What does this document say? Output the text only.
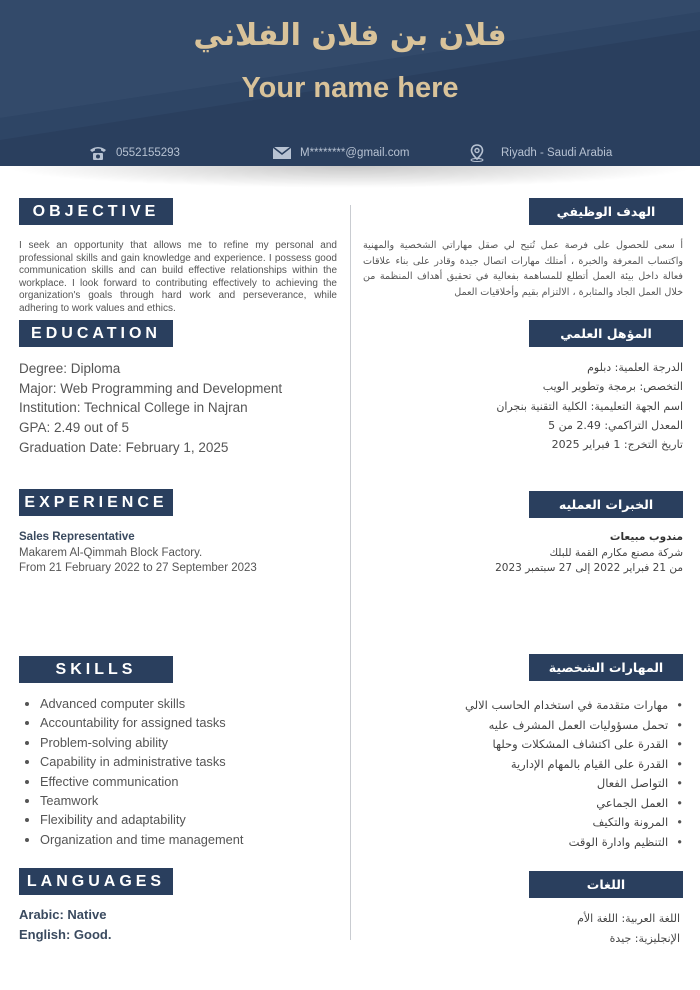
فلان بن فلان الفلاني
Your name here
0552155293	M********@gmail.com	Riyadh - Saudi Arabia
OBJECTIVE	الهدف الوظيفي

I seek an opportunity that allows me to refine my personal and professional skills and gain knowledge and experience. I possess good communication skills and can build effective relationships within the workplace. I look forward to contributing effectively to achieving the organization's goals through hard work and perseverance, while adhering to work values and ethics.

أ سعى للحصول على فرصة عمل تُتيح لي صقل مهاراتي الشخصية والمهنية واكتساب المعرفة والخبرة ، أمتلك مهارات اتصال جيدة وقادر على بناء علاقات فعالة داخل بيئة العمل أتطلع للمساهمة بفعالية في تحقيق أهداف المنظمة من خلال العمل الجاد والمثابرة ، الالتزام بقيم وأخلاقيات العمل

EDUCATION	المؤهل العلمي
Degree: Diploma
Major: Web Programming and Development
Institution: Technical College in Najran
GPA: 2.49 out of 5
Graduation Date: February 1, 2025
الدرجة العلمية: دبلوم
التخصص: برمجة وتطوير الويب
اسم الجهة التعليمية: الكلية التقنية بنجران
المعدل التراكمي: 2.49 من 5
تاريخ التخرج: 1 فبراير 2025
EXPERIENCE	الخبرات العمليه
Sales Representative
Makarem Al-Qimmah Block Factory.
From 21 February 2022 to 27 September 2023
مندوب مبيعات
شركة مصنع مكارم القمة للبلك
من 21 فبراير 2022 إلى 27 سبتمبر 2023
SKILLS	المهارات الشخصية
• Advanced computer skills
• Accountability for assigned tasks
• Problem-solving ability
• Capability in administrative tasks
• Effective communication
• Teamwork
• Flexibility and adaptability
• Organization and time management
• مهارات متقدمة في استخدام الحاسب الالي
• تحمل مسؤوليات العمل المشرف عليه
• القدرة على اكتشاف المشكلات وحلها
• القدرة على القيام بالمهام الإدارية
• التواصل الفعال
• العمل الجماعي
• المرونة والتكيف
• التنظيم وادارة الوقت
LANGUAGES	اللغات
Arabic: Native
English: Good.
اللغة العربية: اللغة الأم
الإنجليزية: جيدة
